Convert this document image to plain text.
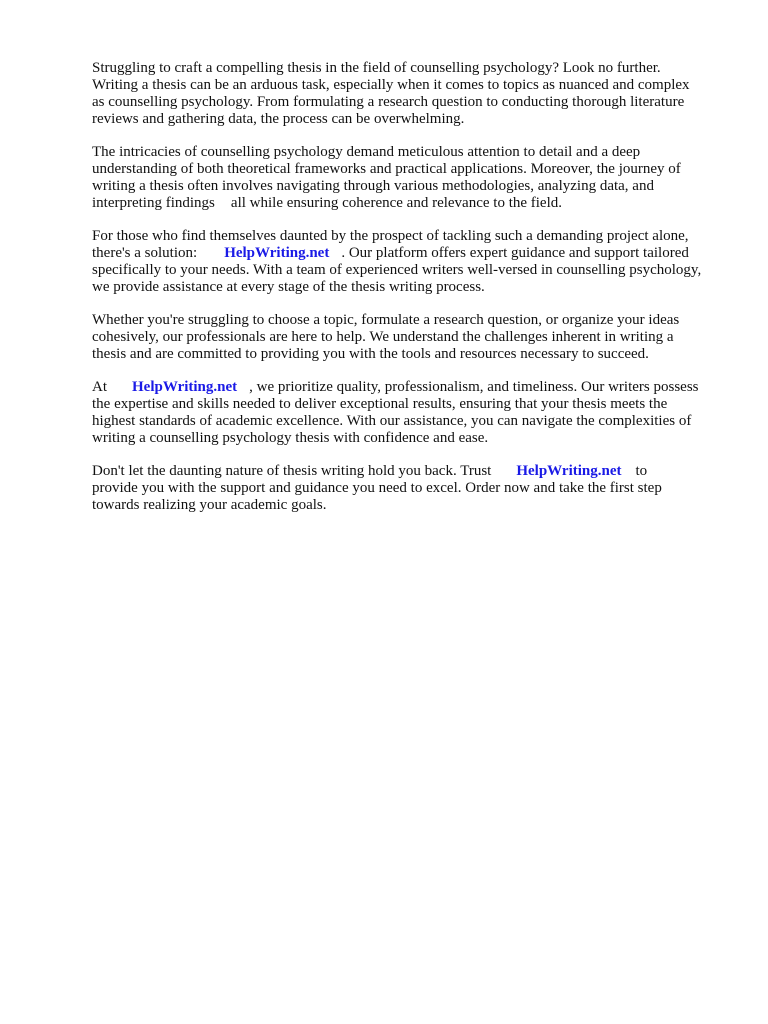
Struggling to craft a compelling thesis in the field of counselling psychology? Look no further.
Writing a thesis can be an arduous task, especially when it comes to topics as nuanced and complex
as counselling psychology. From formulating a research question to conducting thorough literature
reviews and gathering data, the process can be overwhelming.

The intricacies of counselling psychology demand meticulous attention to detail and a deep
understanding of both theoretical frameworks and practical applications. Moreover, the journey of
writing a thesis often involves navigating through various methodologies, analyzing data, and
interpreting findings all while ensuring coherence and relevance to the field.

For those who find themselves daunted by the prospect of tackling such a demanding project alone,
there's a solution: HelpWriting.net . Our platform offers expert guidance and support tailored
specifically to your needs. With a team of experienced writers well-versed in counselling psychology,
we provide assistance at every stage of the thesis writing process.

Whether you're struggling to choose a topic, formulate a research question, or organize your ideas
cohesively, our professionals are here to help. We understand the challenges inherent in writing a
thesis and are committed to providing you with the tools and resources necessary to succeed.

At HelpWriting.net , we prioritize quality, professionalism, and timeliness. Our writers possess
the expertise and skills needed to deliver exceptional results, ensuring that your thesis meets the
highest standards of academic excellence. With our assistance, you can navigate the complexities of
writing a counselling psychology thesis with confidence and ease.

Don't let the daunting nature of thesis writing hold you back. Trust HelpWriting.net to
provide you with the support and guidance you need to excel. Order now and take the first step
towards realizing your academic goals.
